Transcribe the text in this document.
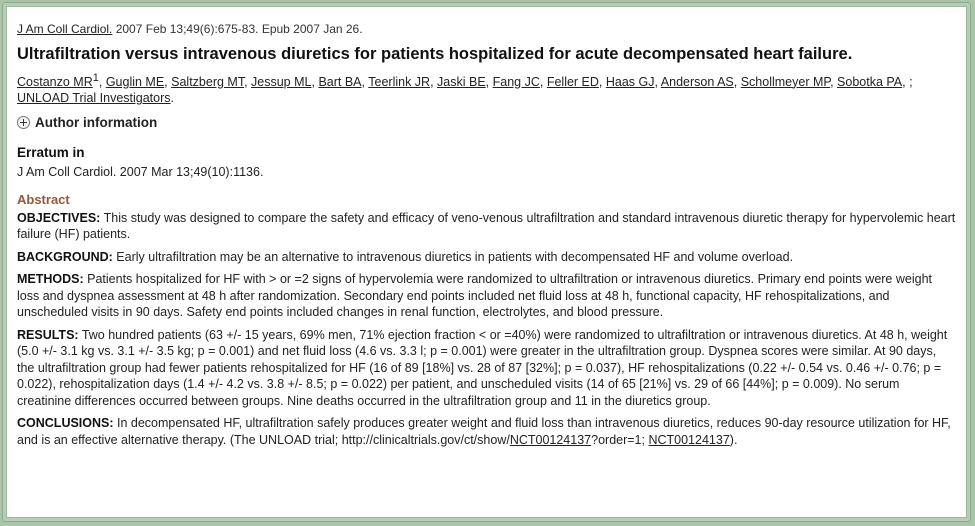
J Am Coll Cardiol. 2007 Feb 13;49(6):675-83. Epub 2007 Jan 26.
Ultrafiltration versus intravenous diuretics for patients hospitalized for acute decompensated heart failure.
Costanzo $MR^1$, Guglin ME, Saltzberg MT, Jessup ML, Bart BA, Teerlink JR, Jaski BE, Fang JC, Feller ED, Haas GJ, Anderson AS, Schollmeyer MP, Sobotka PA, ;
UNLOAD Trial Investigators.
Author information
Erratum in
J Am Coll Cardiol. 2007 Mar 13;49(10):1136.
Abstract

OBJECTIVES: This study was designed to compare the safety and efficacy of veno-venous ultrafiltration and standard intravenous diuretic therapy for hypervolemic heart failure (HF) patients.

BACKGROUND: Early ultrafiltration may be an alternative to intravenous diuretics in patients with decompensated HF and volume overload.

METHODS: Patients hospitalized for HF with > or =2 signs of hypervolemia were randomized to ultrafiltration or intravenous diuretics. Primary end points were weight loss and dyspnea assessment at 48 h after randomization. Secondary end points included net fluid loss at 48 h, functional capacity, HF rehospitalizations, and unscheduled visits in 90 days. Safety end points included changes in renal function, electrolytes, and blood pressure.

RESULTS: Two hundred patients (63 +/- 15 years, 69% men, 71% ejection fraction < or =40%) were randomized to ultrafiltration or intravenous diuretics. At 48 h, weight (5.0 +/- 3.1 kg vs. 3.1 +/- 3.5 kg; p = 0.001) and net fluid loss (4.6 vs. 3.3 l; p = 0.001) were greater in the ultrafiltration group. Dyspnea scores were similar. At 90 days, the ultrafiltration group had fewer patients rehospitalized for HF (16 of 89 [18%] vs. 28 of 87 [32%]; p = 0.037), HF rehospitalizations (0.22 +/- 0.54 vs. 0.46 +/- 0.76; p = 0.022), rehospitalization days (1.4 +/- 4.2 vs. 3.8 +/- 8.5; p = 0.022) per patient, and unscheduled visits (14 of 65 [21%] vs. 29 of 66 [44%]; p = 0.009). No serum creatinine differences occurred between groups. Nine deaths occurred in the ultrafiltration group and 11 in the diuretics group.

CONCLUSIONS: In decompensated HF, ultrafiltration safely produces greater weight and fluid loss than intravenous diuretics, reduces 90-day resource utilization for HF, and is an effective alternative therapy. (The UNLOAD trial; http://clinicaltrials.gov/ct/show/NCT00124137?order=1; NCT00124137).
